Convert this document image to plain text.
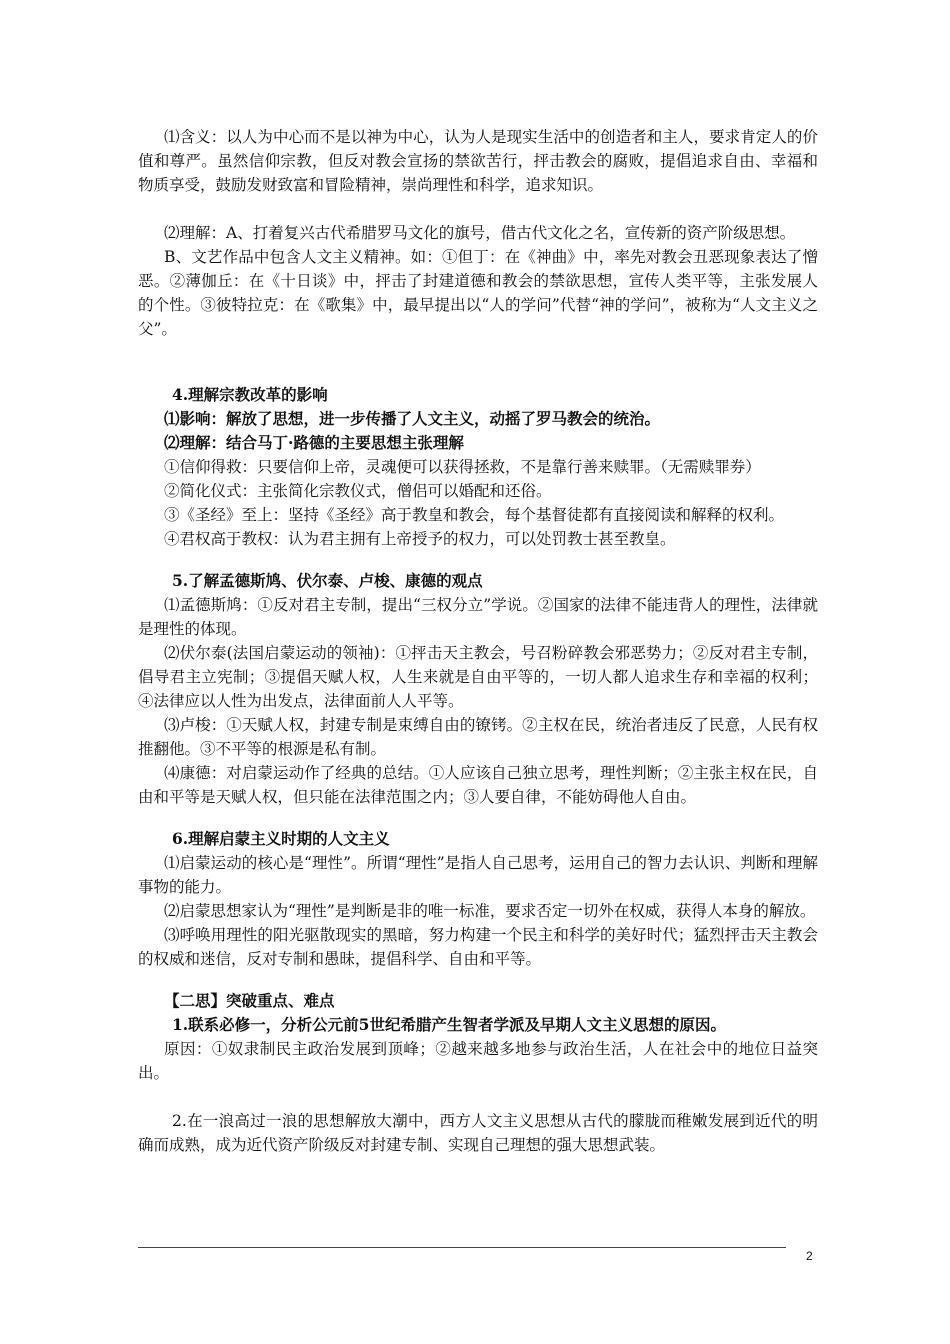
⑴含义：以人为中心而不是以神为中心，认为人是现实生活中的创造者和主人，要求肯定人的价值和尊严。虽然信仰宗教，但反对教会宣扬的禁欲苦行，抨击教会的腐败，提倡追求自由、幸福和物质享受，鼓励发财致富和冒险精神，崇尚理性和科学，追求知识。

⑵理解：A、打着复兴古代希腊罗马文化的旗号，借古代文化之名，宣传新的资产阶级思想。

B、文艺作品中包含人文主义精神。如：①但丁：在《神曲》中，率先对教会丑恶现象表达了憎恶。②薄伽丘：在《十日谈》中，抨击了封建道德和教会的禁欲思想，宣传人类平等，主张发展人的个性。③彼特拉克：在《歌集》中，最早提出以“人的学问”代替“神的学问”，被称为“人文主义之父”。

4.理解宗教改革的影响

⑴影响：解放了思想，进一步传播了人文主义，动摇了罗马教会的统治。

⑵理解：结合马丁·路德的主要思想主张理解

①信仰得救：只要信仰上帝，灵魂便可以获得拯救，不是靠行善来赎罪。（无需赎罪券）

②简化仪式：主张简化宗教仪式，僧侣可以婚配和还俗。

③《圣经》至上：坚持《圣经》高于教皇和教会，每个基督徒都有直接阅读和解释的权利。

④君权高于教权：认为君主拥有上帝授予的权力，可以处罚教士甚至教皇。

5.了解孟德斯鸠、伏尔泰、卢梭、康德的观点

⑴孟德斯鸠：①反对君主专制，提出“三权分立”学说。②国家的法律不能违背人的理性，法律就是理性的体现。

⑵伏尔泰(法国启蒙运动的领袖)：①抨击天主教会，号召粉碎教会邪恶势力；②反对君主专制，倡导君主立宪制；③提倡天赋人权，人生来就是自由平等的，一切人都人追求生存和幸福的权利；④法律应以人性为出发点，法律面前人人平等。

⑶卢梭：①天赋人权，封建专制是束缚自由的镣铐。②主权在民，统治者违反了民意，人民有权推翻他。③不平等的根源是私有制。

⑷康德：对启蒙运动作了经典的总结。①人应该自己独立思考，理性判断；②主张主权在民，自由和平等是天赋人权，但只能在法律范围之内；③人要自律，不能妨碍他人自由。

6.理解启蒙主义时期的人文主义

⑴启蒙运动的核心是“理性”。所谓“理性”是指人自己思考，运用自己的智力去认识、判断和理解事物的能力。

⑵启蒙思想家认为“理性”是判断是非的唯一标准，要求否定一切外在权威，获得人本身的解放。

⑶呼唤用理性的阳光驱散现实的黑暗，努力构建一个民主和科学的美好时代；猛烈抨击天主教会的权威和迷信，反对专制和愚昧，提倡科学、自由和平等。

【二思】突破重点、难点

1.联系必修一，分析公元前5世纪希腊产生智者学派及早期人文主义思想的原因。

原因：①奴隶制民主政治发展到顶峰；②越来越多地参与政治生活，人在社会中的地位日益突出。

2.在一浪高过一浪的思想解放大潮中，西方人文主义思想从古代的朦胧而稚嫩发展到近代的明确而成熟，成为近代资产阶级反对封建专制、实现自己理想的强大思想武装。

2
